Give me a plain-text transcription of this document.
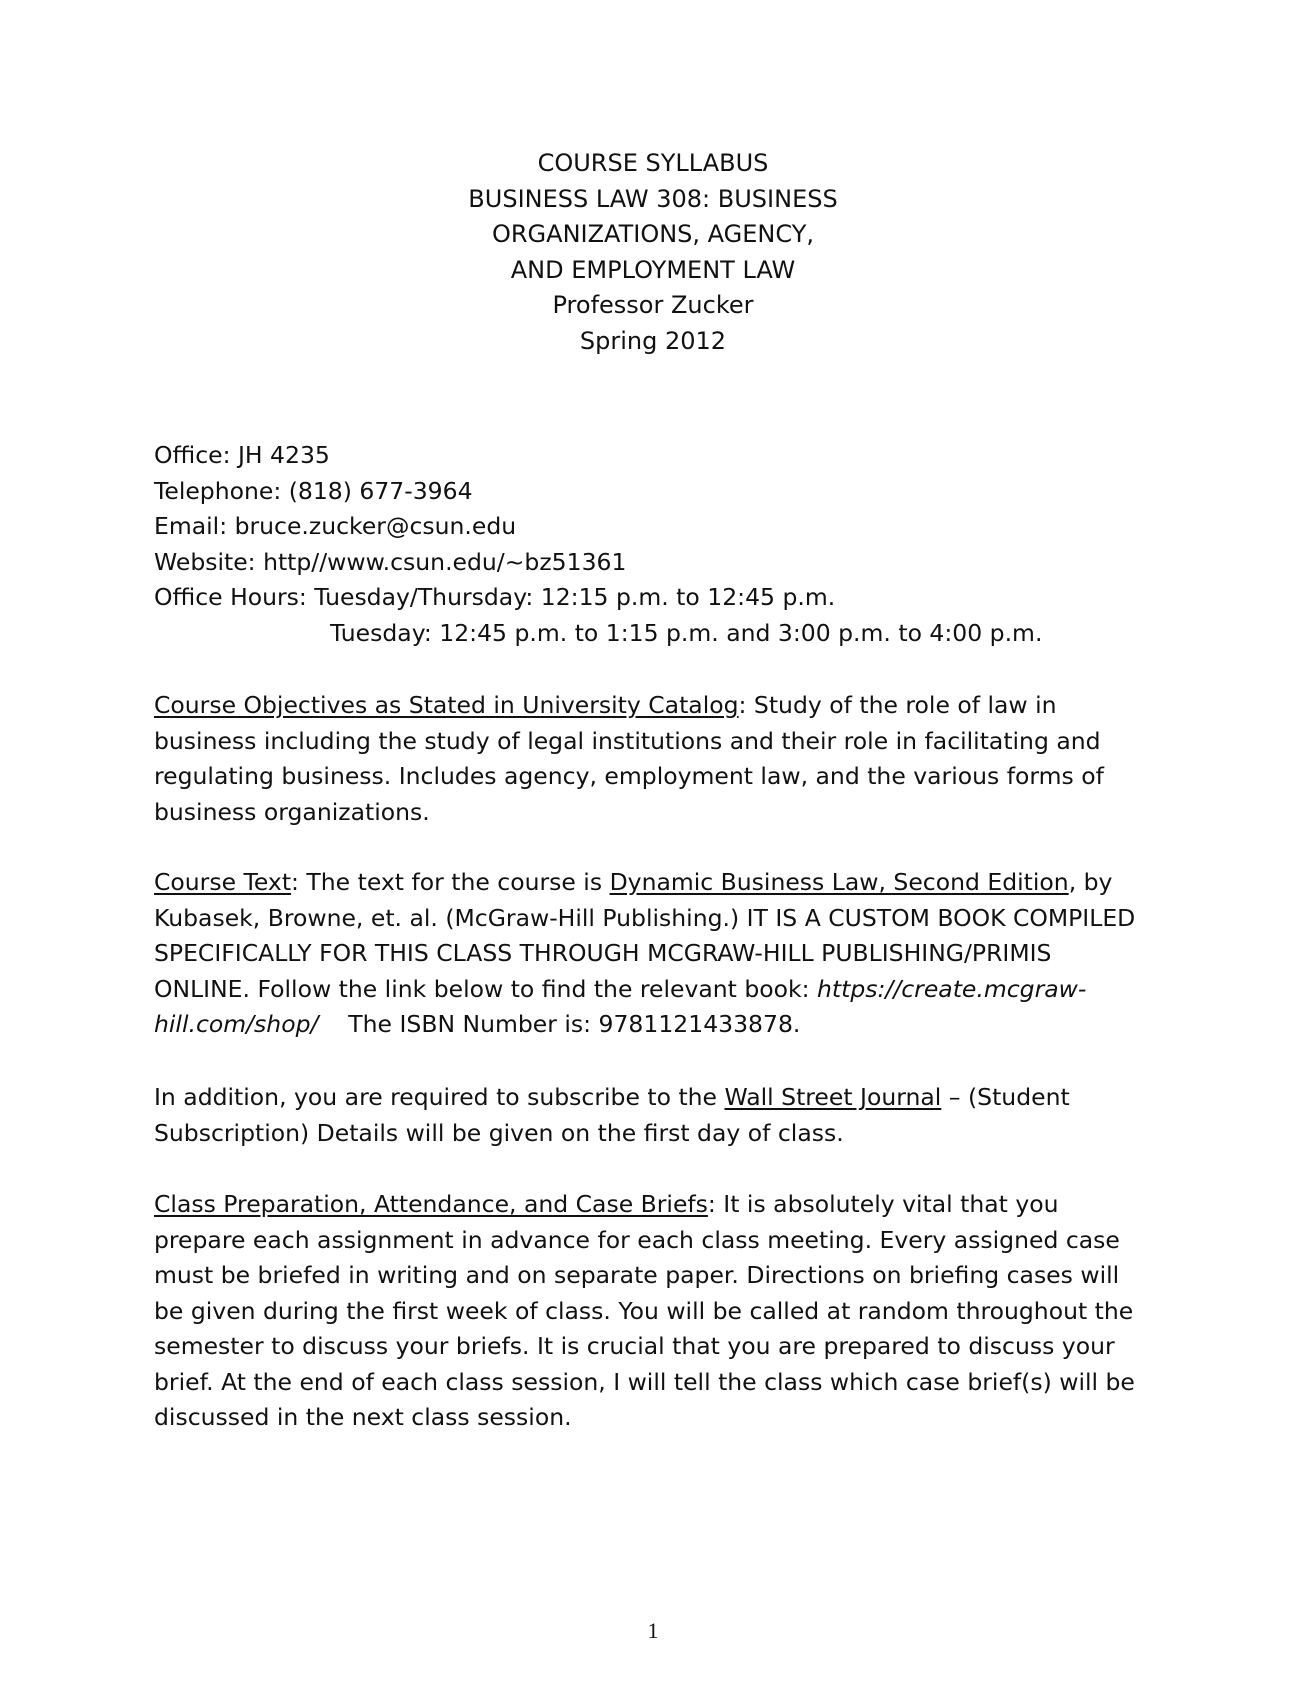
COURSE SYLLABUS
BUSINESS LAW 308: BUSINESS
ORGANIZATIONS, AGENCY,
AND EMPLOYMENT LAW
Professor Zucker
Spring 2012
Office: JH 4235
Telephone: (818) 677-3964
Email: bruce.zucker@csun.edu
Website: http//www.csun.edu/~bz51361
Office Hours: Tuesday/Thursday: 12:15 p.m. to 12:45 p.m.
Tuesday: 12:45 p.m. to 1:15 p.m. and 3:00 p.m. to 4:00 p.m.

Course Objectives as Stated in University Catalog: Study of the role of law in business including the study of legal institutions and their role in facilitating and regulating business. Includes agency, employment law, and the various forms of business organizations.

Course Text: The text for the course is Dynamic Business Law, Second Edition, by Kubasek, Browne, et. al. (McGraw-Hill Publishing.) IT IS A CUSTOM BOOK COMPILED SPECIFICALLY FOR THIS CLASS THROUGH MCGRAW-HILL PUBLISHING/PRIMIS ONLINE. Follow the link below to find the relevant book: https://create.mcgraw-hill.com/shop/    The ISBN Number is: 9781121433878.

In addition, you are required to subscribe to the Wall Street Journal – (Student Subscription) Details will be given on the first day of class.

Class Preparation, Attendance, and Case Briefs: It is absolutely vital that you prepare each assignment in advance for each class meeting. Every assigned case must be briefed in writing and on separate paper. Directions on briefing cases will be given during the first week of class. You will be called at random throughout the semester to discuss your briefs. It is crucial that you are prepared to discuss your brief. At the end of each class session, I will tell the class which case brief(s) will be discussed in the next class session.

1
